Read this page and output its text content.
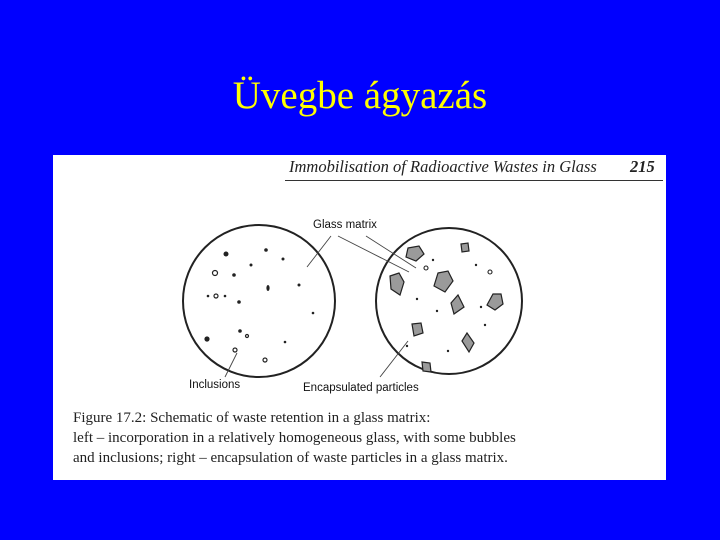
Üvegbe ágyazás
Immobilisation of Radioactive Wastes in Glass 215
Glass matrix
Inclusions	Encapsulated particles
Figure 17.2: Schematic of waste retention in a glass matrix:
left – incorporation in a relatively homogeneous glass, with some bubbles
and inclusions; right – encapsulation of waste particles in a glass matrix.
